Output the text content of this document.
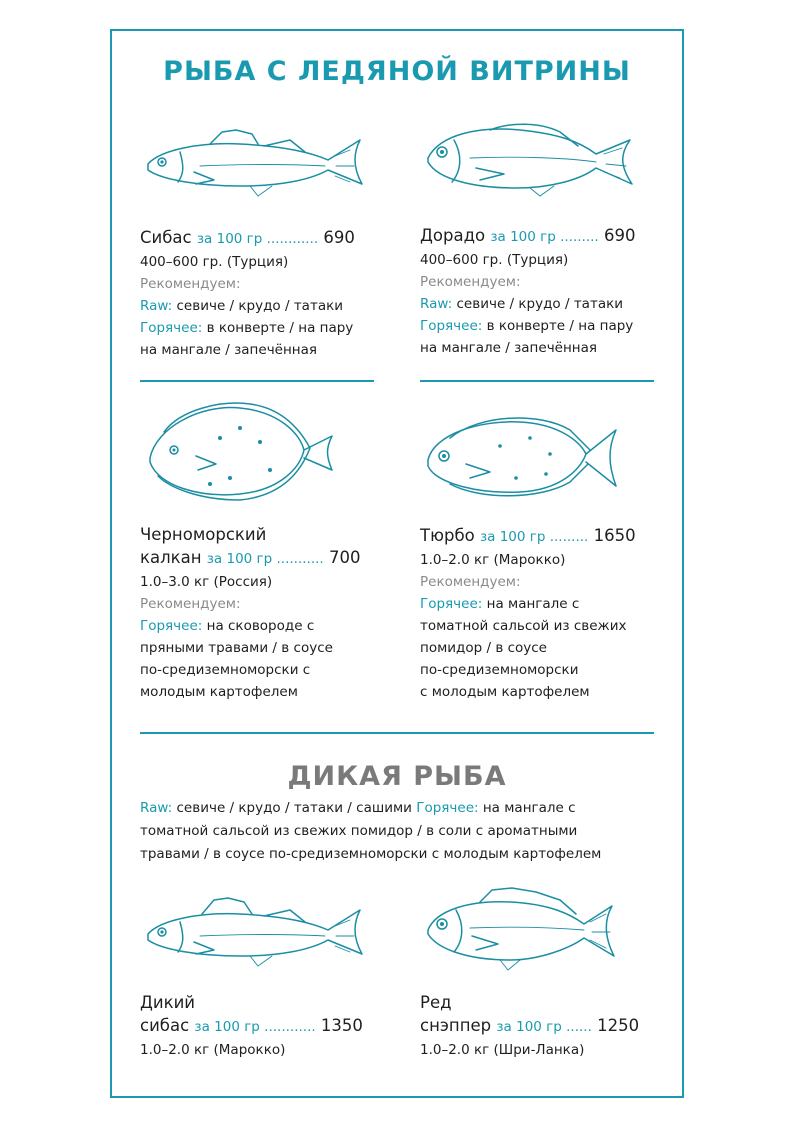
РЫБА С ЛЕДЯНОЙ ВИТРИНЫ
Сибас за 100 гр ............ 690

400–600 гр. (Турция)

Рекомендуем:

Raw: севиче / крудо / татаки

Горячее: в конверте / на пару

на мангале / запечённая

Дорадо за 100 гр ......... 690

400–600 гр. (Турция)

Рекомендуем:

Raw: севиче / крудо / татаки

Горячее: в конверте / на пару

на мангале / запечённая

Черноморский
калкан за 100 гр ........... 700

1.0–3.0 кг (Россия)

Рекомендуем:

Горячее: на сковороде с

пряными травами / в соусе

по-средиземноморски с

молодым картофелем

Тюрбо за 100 гр ......... 1650

1.0–2.0 кг (Марокко)

Рекомендуем:

Горячее: на мангале с

томатной сальсой из свежих

помидор / в соусе

по-средиземноморски

с молодым картофелем

ДИКАЯ РЫБА
Raw: севиче / крудо / татаки / сашими Горячее: на мангале с
томатной сальсой из свежих помидор / в соли с ароматными
травами / в соусе по-средиземноморски с молодым картофелем
Дикий
сибас за 100 гр ............ 1350

1.0–2.0 кг (Марокко)

Ред
снэппер за 100 гр ...... 1250

1.0–2.0 кг (Шри-Ланка)
